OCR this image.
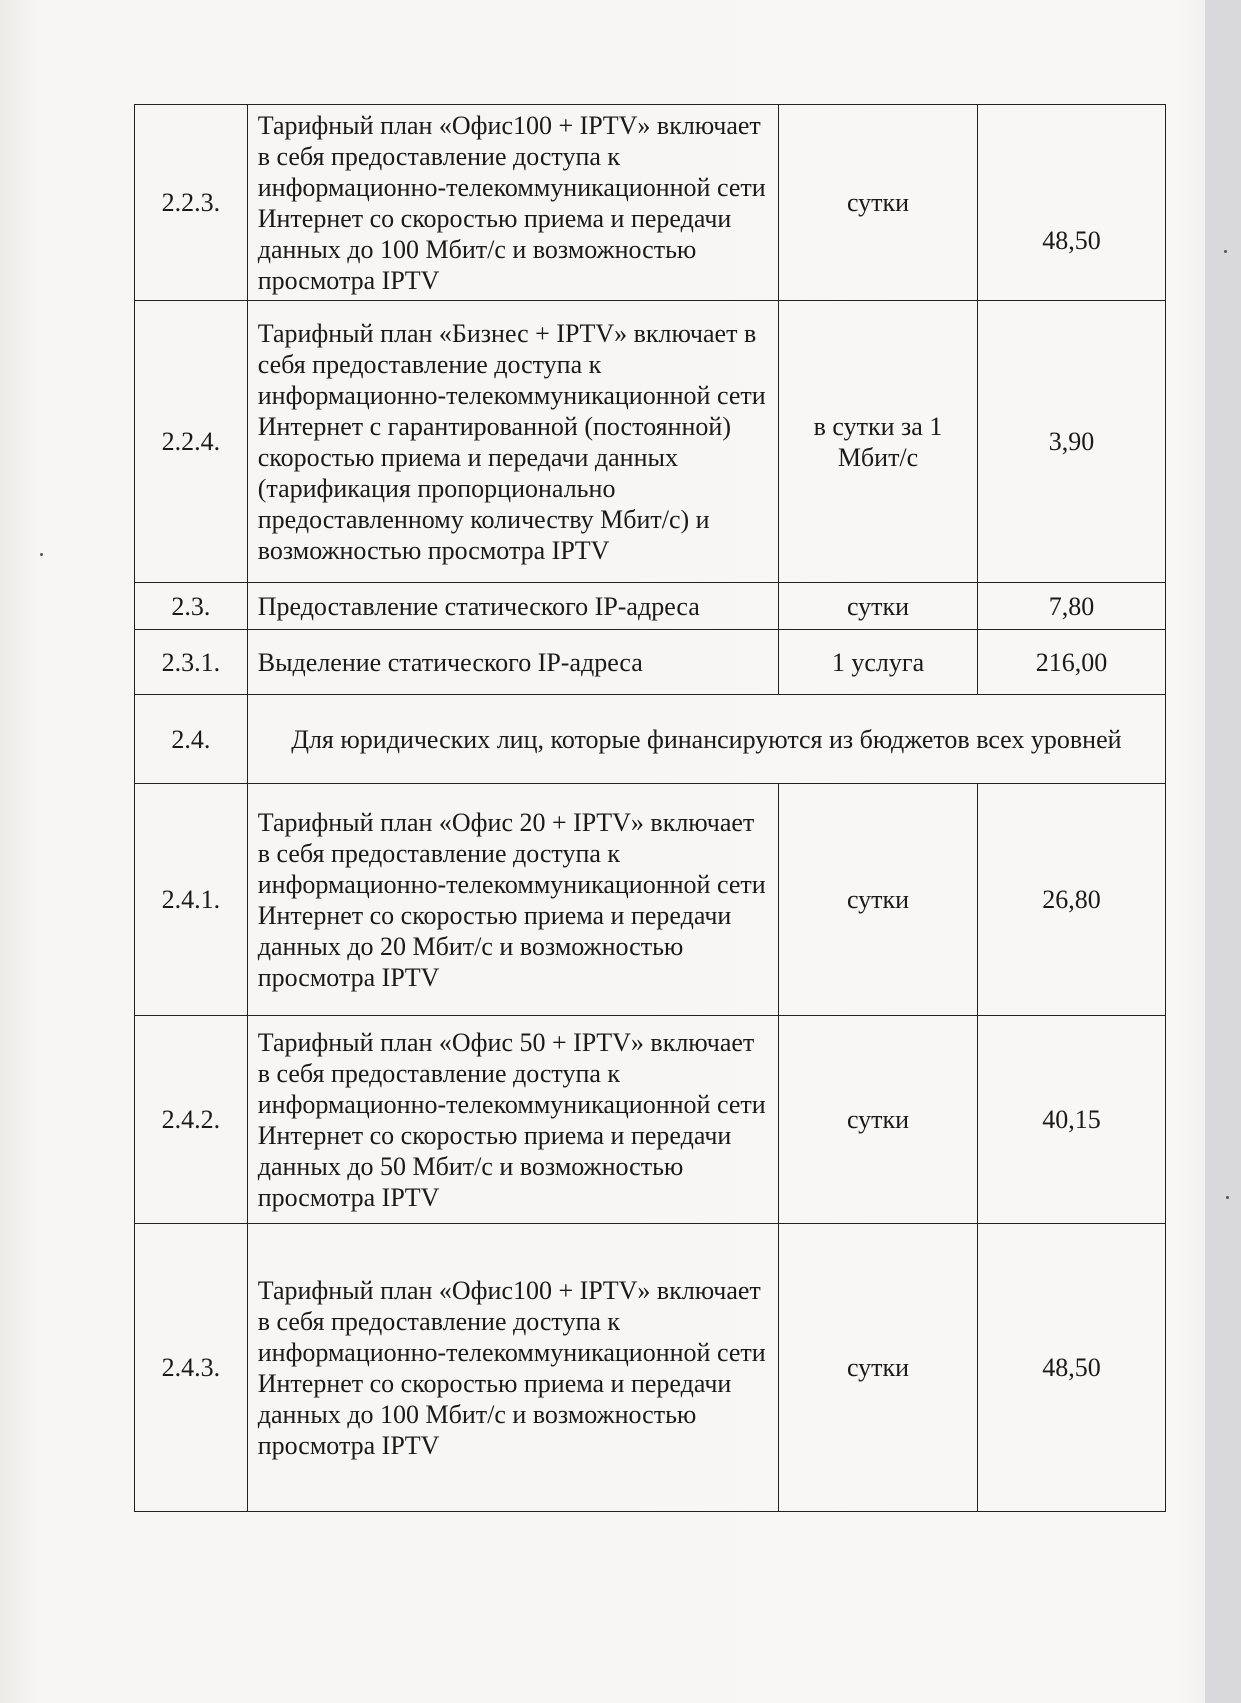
2.2.3.	Тарифный план «Офис100 + IPTV» включает в себя предоставление доступа к информационно-телекоммуникационной сети Интернет со скоростью приема и передачи данных до 100 Мбит/с и возможностью просмотра IPTV	сутки	48,50
2.2.4.	Тарифный план «Бизнес + IPTV» включает в себя предоставление доступа к информационно-телекоммуникационной сети Интернет с гарантированной (постоянной) скоростью приема и передачи данных (тарификация пропорционально предоставленному количеству Мбит/с) и возможностью просмотра IPTV	в сутки за 1 Мбит/с	3,90
2.3.	Предоставление статического IP-адреса	сутки	7,80
2.3.1.	Выделение статического IP-адреса	1 услуга	216,00
2.4.	Для юридических лиц, которые финансируются из бюджетов всех уровней		
2.4.1.	Тарифный план «Офис 20 + IPTV» включает в себя предоставление доступа к информационно-телекоммуникационной сети Интернет со скоростью приема и передачи данных до 20 Мбит/с и возможностью просмотра IPTV	сутки	26,80
2.4.2.	Тарифный план «Офис 50 + IPTV» включает в себя предоставление доступа к информационно-телекоммуникационной сети Интернет со скоростью приема и передачи данных до 50 Мбит/с и возможностью просмотра IPTV	сутки	40,15
2.4.3.	Тарифный план «Офис100 + IPTV» включает в себя предоставление доступа к информационно-телекоммуникационной сети Интернет со скоростью приема и передачи данных до 100 Мбит/с и возможностью просмотра IPTV	сутки	48,50
